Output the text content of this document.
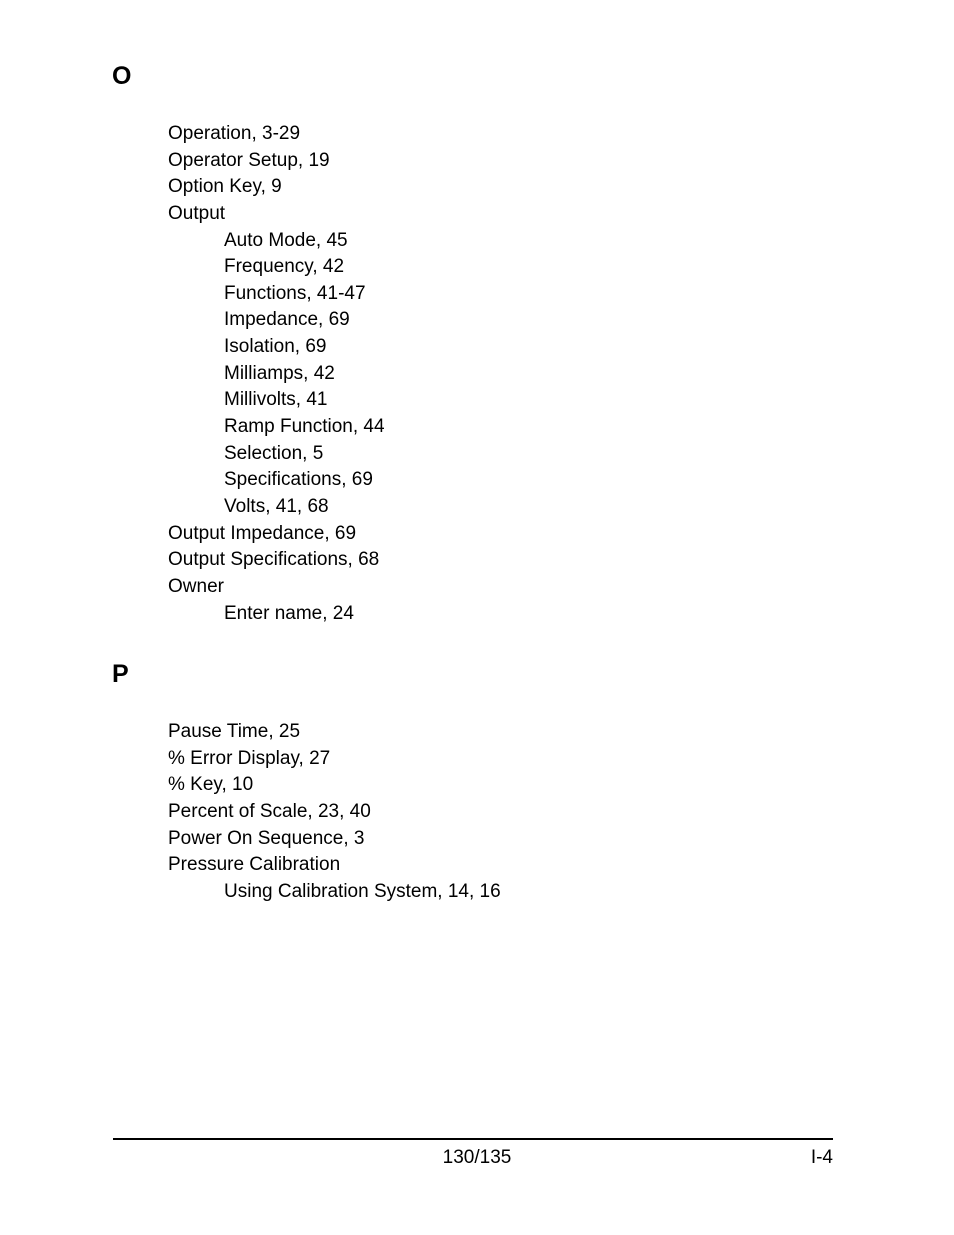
O
Operation, 3-29
Operator Setup, 19
Option Key, 9
Output
Auto Mode, 45
Frequency, 42
Functions, 41-47
Impedance, 69
Isolation, 69
Milliamps, 42
Millivolts, 41
Ramp Function, 44
Selection, 5
Specifications, 69
Volts, 41, 68
Output Impedance, 69
Output Specifications, 68
Owner
Enter name, 24
P
Pause Time, 25
% Error Display, 27
% Key, 10
Percent of Scale, 23, 40
Power On Sequence, 3
Pressure Calibration
Using Calibration System, 14, 16
130/135	I-4
